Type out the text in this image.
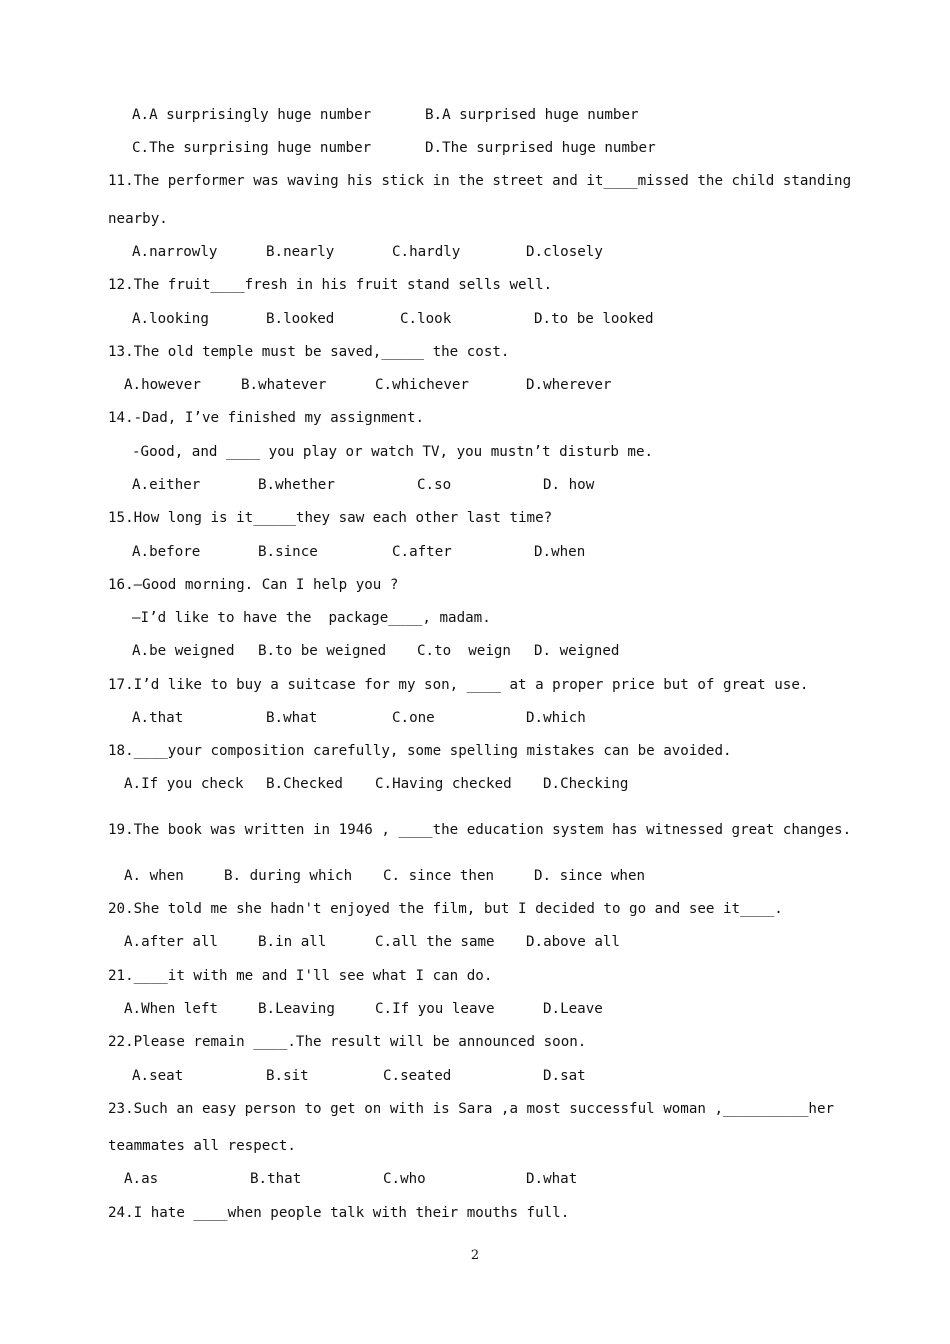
A.A surprisingly huge number	B.A surprised huge number
C.The surprising huge number	D.The surprised huge number
11.The performer was waving his stick in the street and it____missed the child standing
nearby.
A.narrowly	B.nearly	C.hardly	D.closely
12.The fruit____fresh in his fruit stand sells well.
A.looking	B.looked	C.look	D.to be looked
13.The old temple must be saved,_____ the cost.
A.however	B.whatever	C.whichever	D.wherever
14.-Dad, I’ve finished my assignment.
-Good, and ____ you play or watch TV, you mustn’t disturb me.
A.either	B.whether	C.so	D. how
15.How long is it_____they saw each other last time?
A.before	B.since	C.after	D.when
16.—Good morning. Can I help you ?
—I’d like to have the  package____, madam.
A.be weigned B.to be weigned C.to  weign D. weigned
17.I’d like to buy a suitcase for my son, ____ at a proper price but of great use.
A.that	B.what	C.one	D.which
18.____your composition carefully, some spelling mistakes can be avoided.
A.If you check B.Checked C.Having checked D.Checking
19.The book was written in 1946 , ____the education system has witnessed great changes.
A. when	B. during which C. since then	D. since when
20.She told me she hadn't enjoyed the film, but I decided to go and see it____.
A.after all	B.in all	C.all the same D.above all
21.____it with me and I'll see what I can do.
A.When left	B.Leaving	C.If you leave	D.Leave
22.Please remain ____.The result will be announced soon.
A.seat	B.sit	C.seated	D.sat
23.Such an easy person to get on with is Sara ,a most successful woman ,__________her
teammates all respect.
A.as	B.that	C.who	D.what
24.I hate ____when people talk with their mouths full.
2
